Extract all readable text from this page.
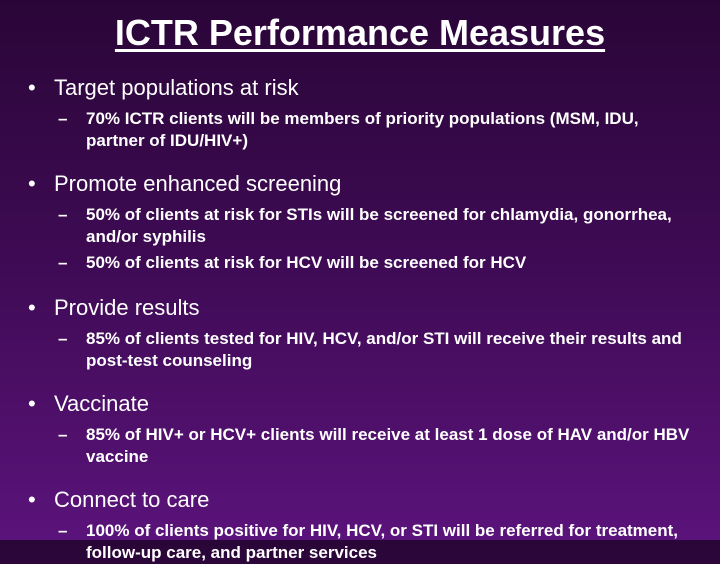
ICTR Performance Measures
• Target populations at risk
–	70% ICTR clients will be members of priority populations (MSM, IDU, partner of IDU/HIV+)
• Promote enhanced screening
–	50% of clients at risk for STIs will be screened for chlamydia, gonorrhea, and/or syphilis
–	50% of clients at risk for HCV will be screened for HCV
• Provide results
–	85% of clients tested for HIV, HCV, and/or STI will receive their results and post-test counseling
• Vaccinate
–	85% of HIV+ or HCV+ clients will receive at least 1 dose of HAV and/or HBV vaccine
• Connect to care
–	100% of clients positive for HIV, HCV, or STI will be referred for treatment, follow-up care, and partner services
